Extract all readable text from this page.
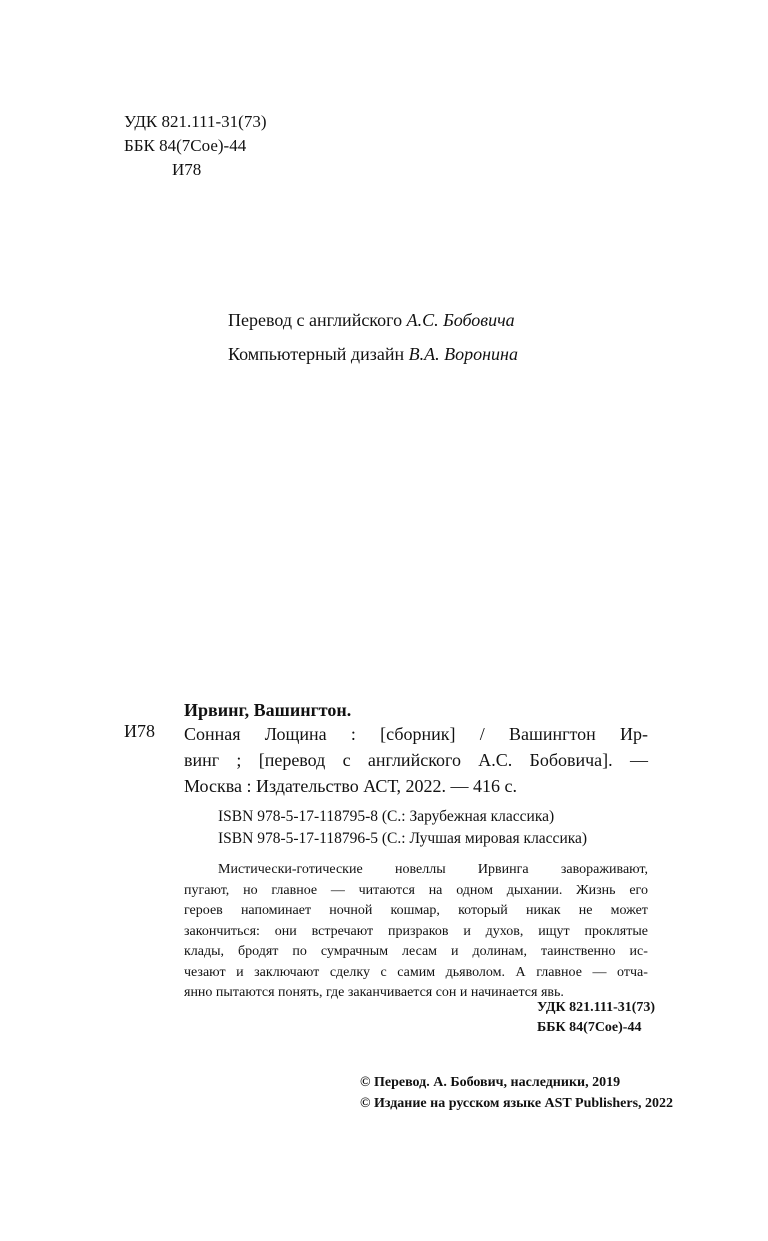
УДК 821.111-31(73)
ББК 84(7Сое)-44
И78
Перевод с английского А.С. Бобовича
Компьютерный дизайн В.А. Воронина
Ирвинг, Вашингтон.
И78 Сонная Лощина : [сборник] / Вашингтон Ир-
винг ; [перевод с английского А.С. Бобовича]. —
Москва : Издательство АСТ, 2022. — 416 с.
ISBN 978-5-17-118795-8 (С.: Зарубежная классика)
ISBN 978-5-17-118796-5 (С.: Лучшая мировая классика)
Мистически-готические новеллы Ирвинга завораживают,
пугают, но главное — читаются на одном дыхании. Жизнь его
героев напоминает ночной кошмар, который никак не может
закончиться: они встречают призраков и духов, ищут проклятые
клады, бродят по сумрачным лесам и долинам, таинственно ис-
чезают и заключают сделку с самим дьяволом. А главное — отча-
янно пытаются понять, где заканчивается сон и начинается явь.
УДК 821.111-31(73)
ББК 84(7Сое)-44
© Перевод. А. Бобович, наследники, 2019
© Издание на русском языке AST Publishers, 2022
